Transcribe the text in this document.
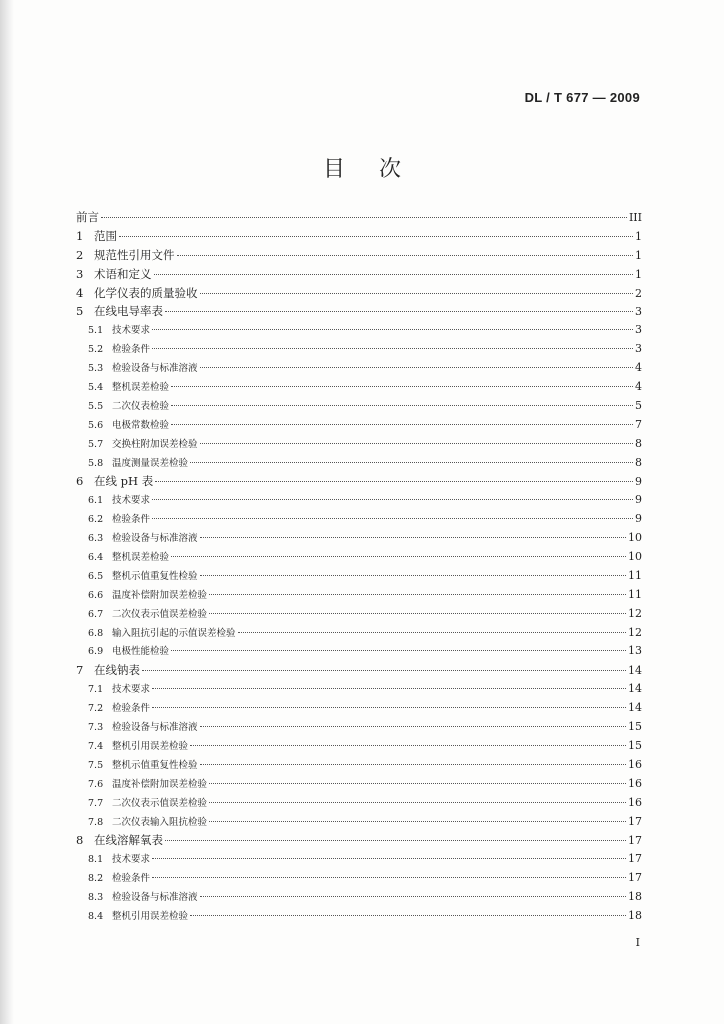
DL / T 677 — 2009
目次
前言	III
1 范围	1
2 规范性引用文件	1
3 术语和定义	1
4 化学仪表的质量验收	2
5 在线电导率表	3
5.1 技术要求	3
5.2 检验条件	3
5.3 检验设备与标准溶液	4
5.4 整机误差检验	4
5.5 二次仪表检验	5
5.6 电极常数检验	7
5.7 交换柱附加误差检验	8
5.8 温度测量误差检验	8
6 在线 pH 表	9
6.1 技术要求	9
6.2 检验条件	9
6.3 检验设备与标准溶液	10
6.4 整机误差检验	10
6.5 整机示值重复性检验	11
6.6 温度补偿附加误差检验	11
6.7 二次仪表示值误差检验	12
6.8 输入阻抗引起的示值误差检验	12
6.9 电极性能检验	13
7 在线钠表	14
7.1 技术要求	14
7.2 检验条件	14
7.3 检验设备与标准溶液	15
7.4 整机引用误差检验	15
7.5 整机示值重复性检验	16
7.6 温度补偿附加误差检验	16
7.7 二次仪表示值误差检验	16
7.8 二次仪表输入阻抗检验	17
8 在线溶解氧表	17
8.1 技术要求	17
8.2 检验条件	17
8.3 检验设备与标准溶液	18
8.4 整机引用误差检验	18
I
